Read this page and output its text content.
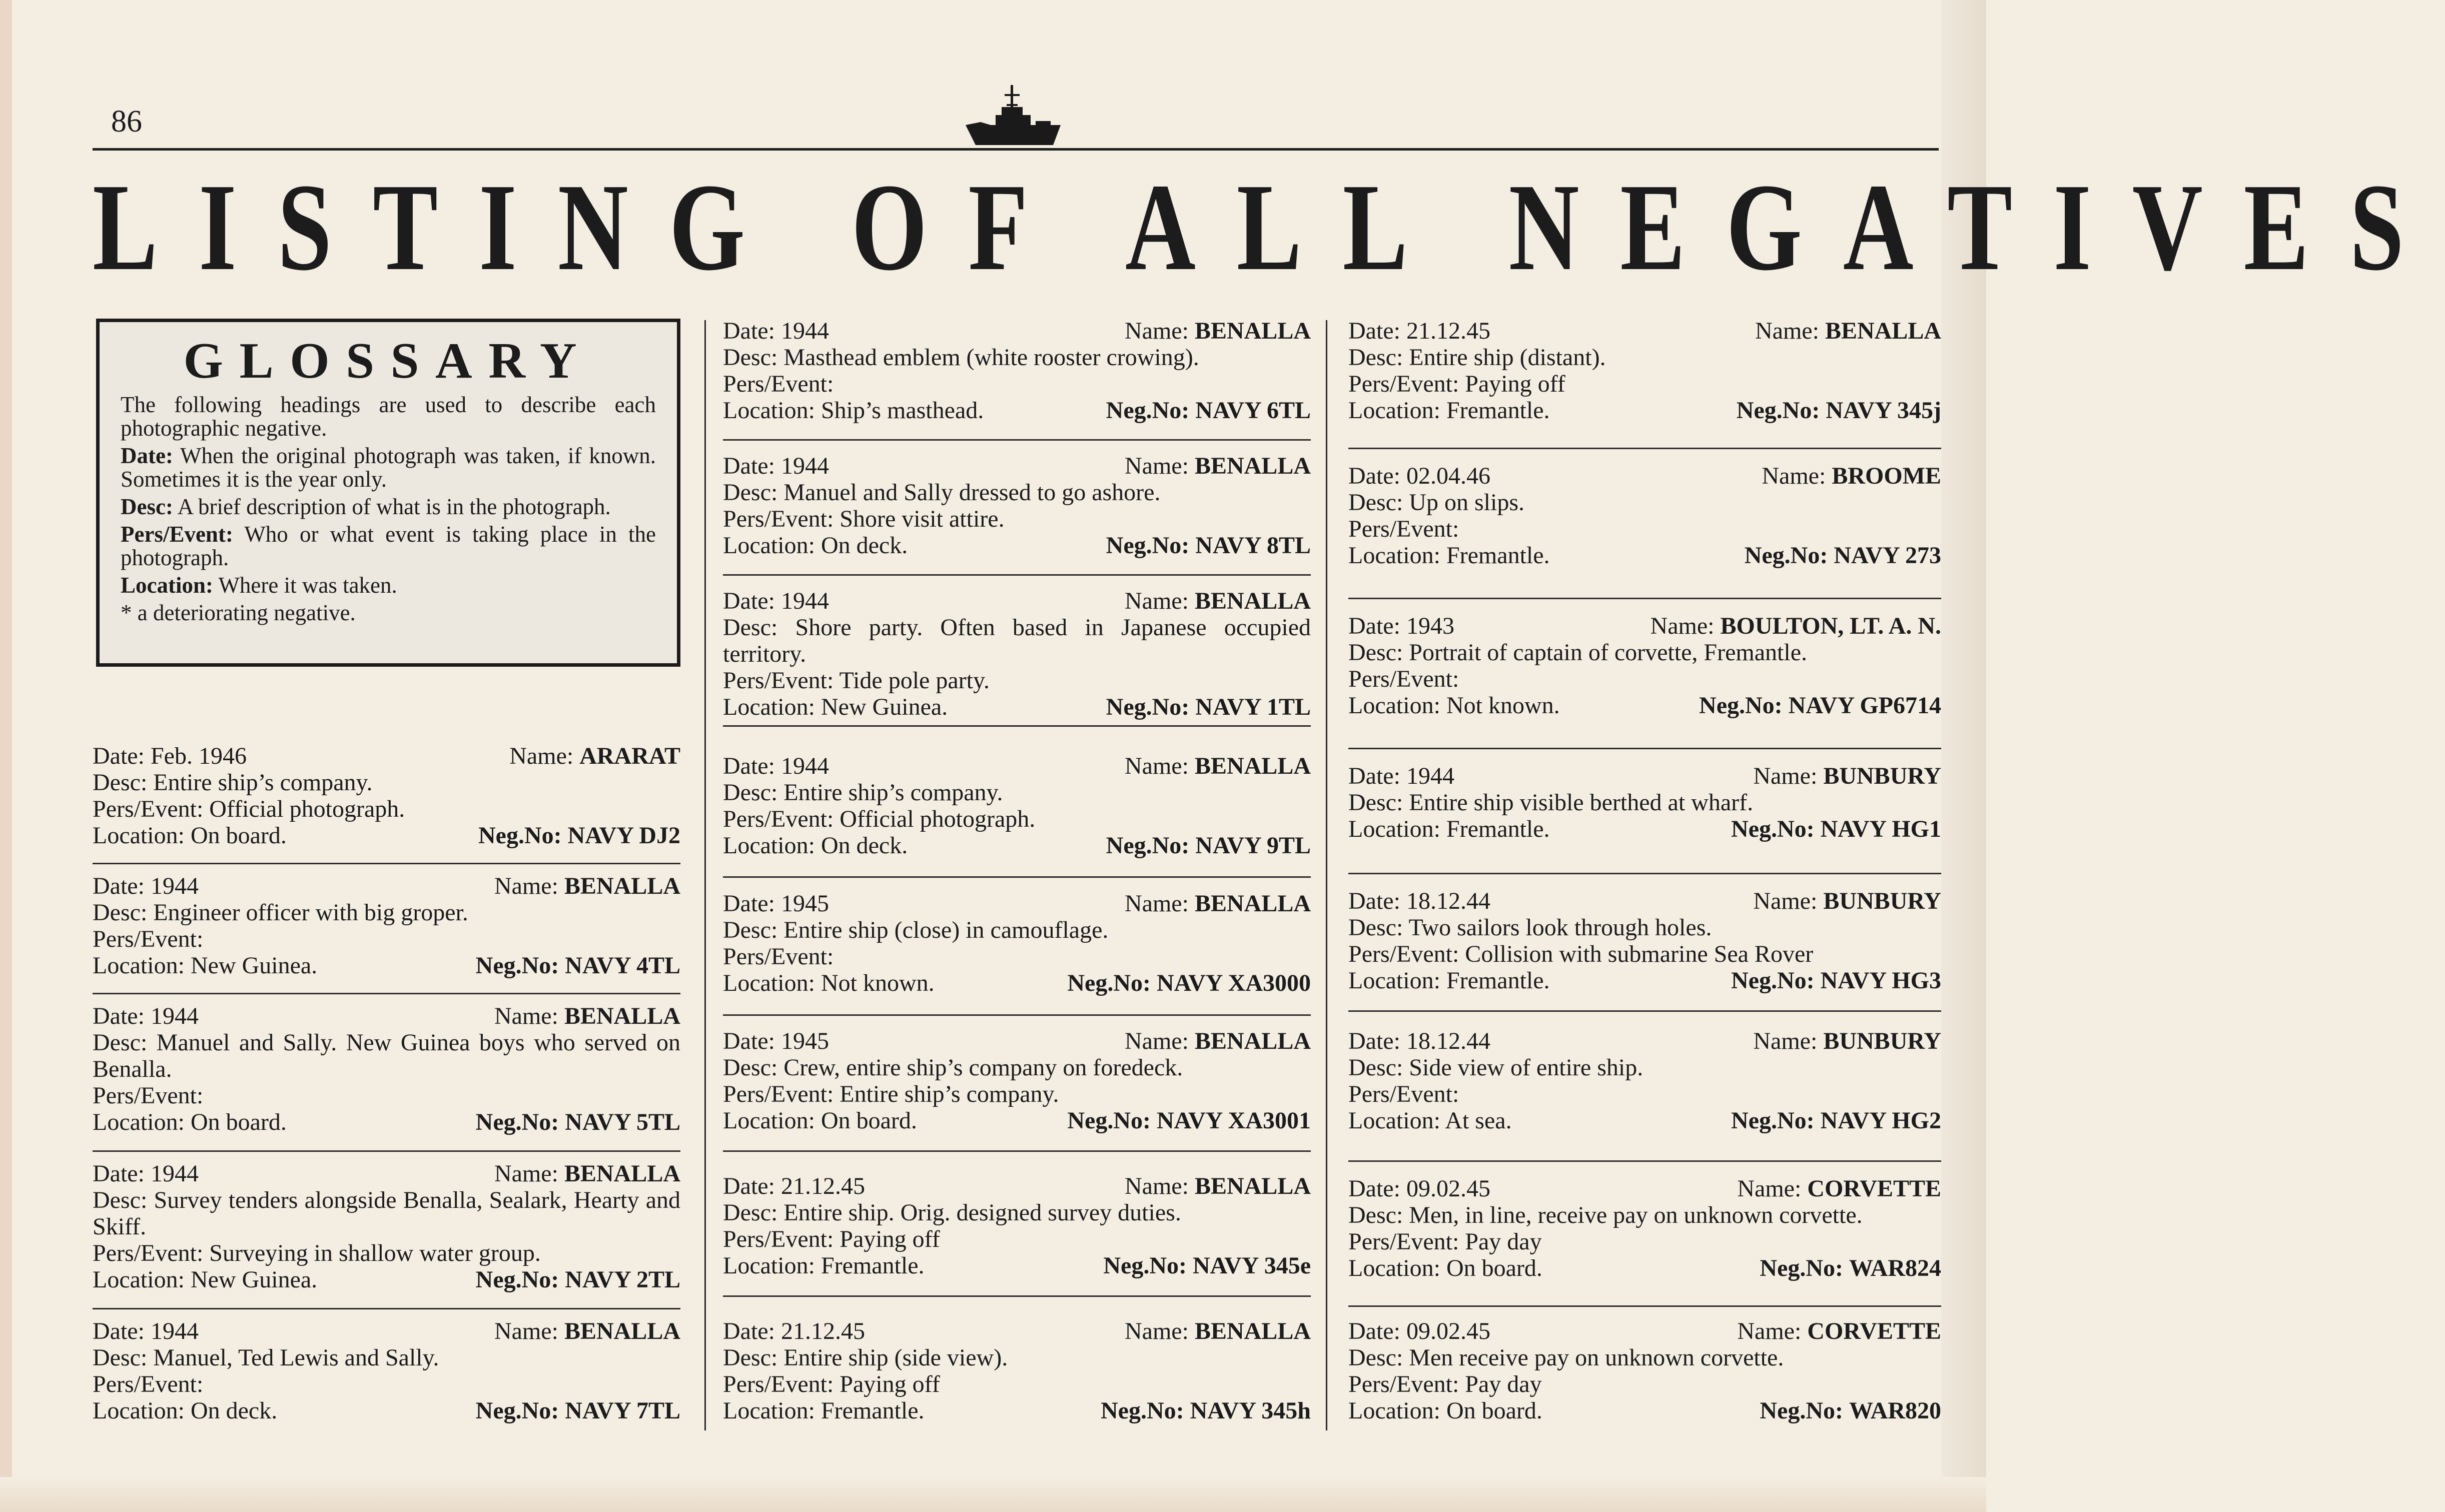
86
LISTING OF ALL NEGATIVES
GLOSSARY

The following headings are used to describe each photographic negative.

Date: When the original photograph was taken, if known. Sometimes it is the year only.

Desc: A brief description of what is in the photograph.

Pers/Event: Who or what event is taking place in the photograph.

Location: Where it was taken.

* a deteriorating negative.

Date: Feb. 1946	Name: ARARAT
Desc: Entire ship’s company.
Pers/Event: Official photograph.
Location: On board.	Neg.No: NAVY DJ2
Date: 1944	Name: BENALLA
Desc: Engineer officer with big groper.
Pers/Event:
Location: New Guinea.	Neg.No: NAVY 4TL
Date: 1944	Name: BENALLA
Desc: Manuel and Sally. New Guinea boys who served on Benalla.
Pers/Event:
Location: On board.	Neg.No: NAVY 5TL
Date: 1944	Name: BENALLA
Desc: Survey tenders alongside Benalla, Sealark, Hearty and Skiff.
Pers/Event: Surveying in shallow water group.
Location: New Guinea.	Neg.No: NAVY 2TL
Date: 1944	Name: BENALLA
Desc: Manuel, Ted Lewis and Sally.
Pers/Event:
Location: On deck.	Neg.No: NAVY 7TL
Date: 1944	Name: BENALLA
Desc: Masthead emblem (white rooster crowing).
Pers/Event:
Location: Ship’s masthead.	Neg.No: NAVY 6TL
Date: 1944	Name: BENALLA
Desc: Manuel and Sally dressed to go ashore.
Pers/Event: Shore visit attire.
Location: On deck.	Neg.No: NAVY 8TL
Date: 1944	Name: BENALLA
Desc: Shore party. Often based in Japanese occupied territory.
Pers/Event: Tide pole party.
Location: New Guinea.	Neg.No: NAVY 1TL
Date: 1944	Name: BENALLA
Desc: Entire ship’s company.
Pers/Event: Official photograph.
Location: On deck.	Neg.No: NAVY 9TL
Date: 1945	Name: BENALLA
Desc: Entire ship (close) in camouflage.
Pers/Event:
Location: Not known.	Neg.No: NAVY XA3000
Date: 1945	Name: BENALLA
Desc: Crew, entire ship’s company on foredeck.
Pers/Event: Entire ship’s company.
Location: On board.	Neg.No: NAVY XA3001
Date: 21.12.45	Name: BENALLA
Desc: Entire ship. Orig. designed survey duties.
Pers/Event: Paying off
Location: Fremantle.	Neg.No: NAVY 345e
Date: 21.12.45	Name: BENALLA
Desc: Entire ship (side view).
Pers/Event: Paying off
Location: Fremantle.	Neg.No: NAVY 345h
Date: 21.12.45	Name: BENALLA
Desc: Entire ship (distant).
Pers/Event: Paying off
Location: Fremantle.	Neg.No: NAVY 345j
Date: 02.04.46	Name: BROOME
Desc: Up on slips.
Pers/Event:
Location: Fremantle.	Neg.No: NAVY 273
Date: 1943	Name: BOULTON, LT. A. N.
Desc: Portrait of captain of corvette, Fremantle.
Pers/Event:
Location: Not known.	Neg.No: NAVY GP6714
Date: 1944	Name: BUNBURY
Desc: Entire ship visible berthed at wharf.
Location: Fremantle.	Neg.No: NAVY HG1
Date: 18.12.44	Name: BUNBURY
Desc: Two sailors look through holes.
Pers/Event: Collision with submarine Sea Rover
Location: Fremantle.	Neg.No: NAVY HG3
Date: 18.12.44	Name: BUNBURY
Desc: Side view of entire ship.
Pers/Event:
Location: At sea.	Neg.No: NAVY HG2
Date: 09.02.45	Name: CORVETTE
Desc: Men, in line, receive pay on unknown corvette.
Pers/Event: Pay day
Location: On board.	Neg.No: WAR824
Date: 09.02.45	Name: CORVETTE
Desc: Men receive pay on unknown corvette.
Pers/Event: Pay day
Location: On board.	Neg.No: WAR820
